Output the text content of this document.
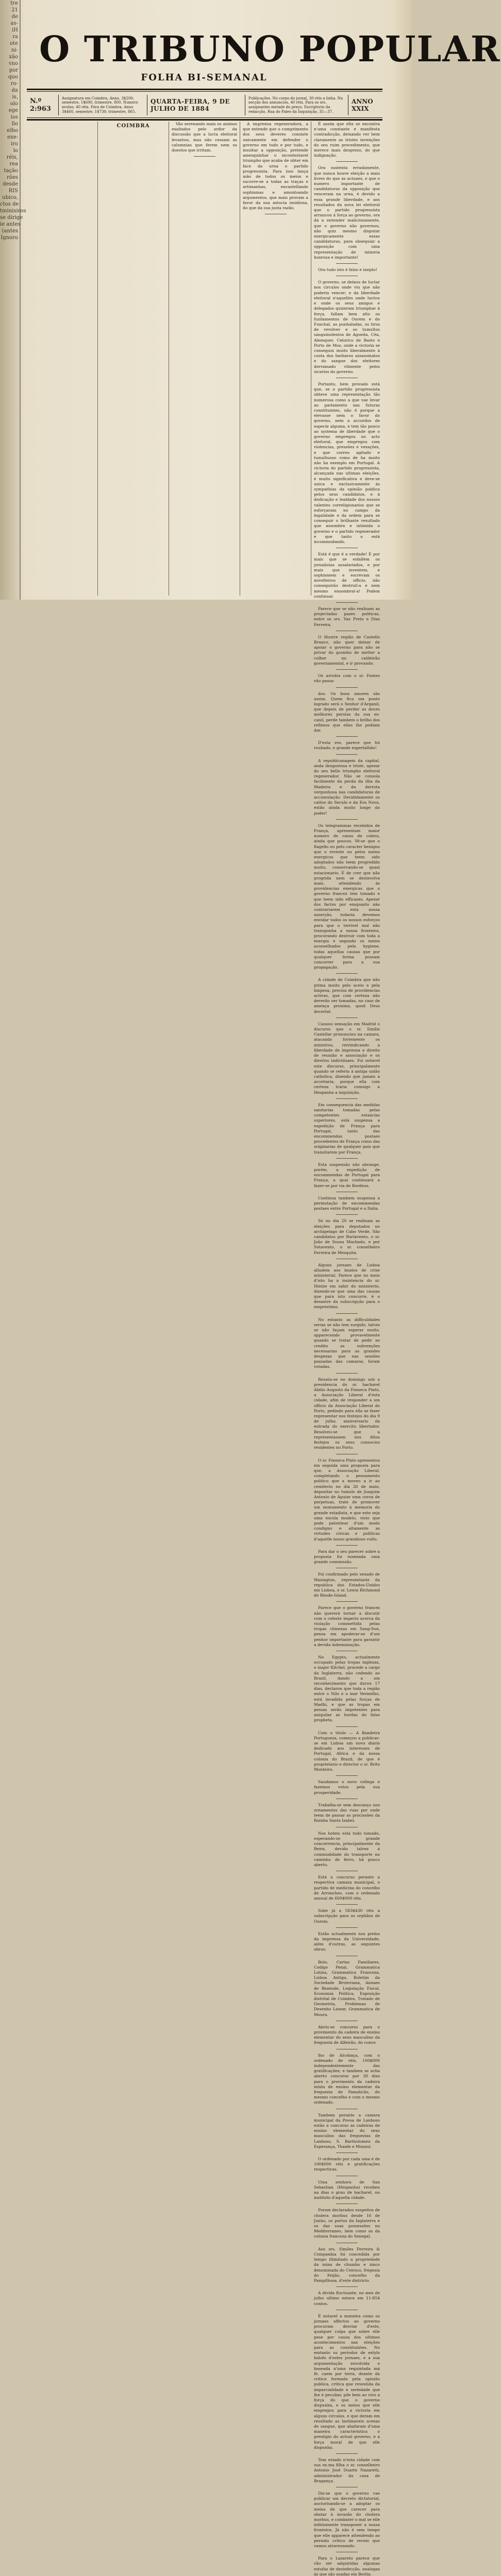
tre
21
de
as-
iH
ra
ote
ni-
xão
vno
por
quo
ro-
da
is,
olo
ege
ios
llo
elho
exe-
iro
lo
réis,
rea
tação
rões
desde
RIS
ubico,
ctos de
tminisiros
se dirige
ie antes
(antes
Ignoro
O TRIBUNO POPULAR
FOLHA BI-SEMANAL
N.º 2:963
Assignatura em Coimbra, Anno, 3$200; semestre, 1$600, trimestre, 800. Numero avulso, 40 réis. Fóra de Coimbra, Anno 3$460, semestre, 1$730; trimestre, 865.
QUARTA-FEIRA, 9 DE JULHO DE 1884
Publicações. No corpo do jornal, 30 réis a linha. Na secção dos annuncios, 40 réis. Para os srs. assignantes metade do preço. Escriptorio da redacção, Rua do Paleo da Inquisição, 35—37.
ANNO XXIX
COIMBRA	Vão serenando mais os animos exaltados pelo ardor da discussão que a lucta eleitoral levantou, mas não cessam as calumnias que ferem nem os doestos que irritam.

A imprensa regeneradora, a que entende que o cumprimento dos seus deveres consiste unicamente em defender o governo em tudo e por tudo, e insultar a opposição, pretende amesquinhar o incontestavel triumpho que acaba de obter em face da urna o partido progressista. Para isso lança mão de todos os meios e sucorre-se a todas as traças e artimanhas, encastellando sophismas e amontoando argumentos, que mais provam a favor da sua astucia insidiosa, do que da sua justa razão.

É assim que ella se encontra n'uma constante e manifesta contradicção, deixando ver bem claramente as tristes invenções do seu ruim procedimento, que merece mais desprezo, do que indignação.

Ora sustenta erradamente, que nunca houve eleição a mais livres do que as actuaes, e que o numero importante de candidaturas da opposição que venceram na urna, é devido a essa grande liberdade, e aos resultados da nova lei eleitoral que o partido progressista arrancou á força ao governo, ora dá a entender maliciosamente, que o governo não governou, não quiz mesmo disputar energicamente essas candidaturas, para obsequiar a opposição com uma representação de minoria honrosa e importante!

Ora tudo isto é falso e inepto!

O governo, se deixou de luctar nos circulos onde viu que não poderia vencer; e da liberdade eleitoral n'aquelles onde luctou e onde os seus amigos e delegados quizeram triumphar á força, fallam bem alto os fuzilamentos de Ourem e do Funchal, as punhaladas, os tiros de revolver e os tumultos sanguinolentos de Agueda, Céa, Alemquer, Celorico de Basto e Porto de Moz, onde a victoria se conseguiu muito liberalmente á custa dos barbaros assassinatos e do sangue dos eleitores derramado vilmente pelos sicarios do governo.

Portanto, bem provado está que, se o partido progressista obteve uma representação tão numerosa como a que vae levar ao parlamento nas futuras constituintes, não é porque a elevasse nem o favor do governo, nem a accordos de especie alguma, e tem tão pouco ao systema de liberdade que o governo empregou no acto eleitoral, que empregou com violencias, pressões e vexações, e que correu agitado e tumultuoso como de ha muito não ha exemplo em Portugal. A victoria do partido progressista, alcançada nas ultimas eleições, é muito significativa e deve-se unica e exclusivamente ás sympathias da opinião publica pelos seus candidatos, e á dedicação e lealdade dos nossos valentes correligionarios que se esforçaram no campo da legalidade e da ordem para se conseguir o brilhante resultado que assombra e intimida o governo e o partido regenerador e que tanto o está incommodando.

Está é que é a verdade! E por mais que se esfalfem os jornalistas assalariados, e por mais que inventem, e sophismem e escrevam os novelleiros de officio, não conseguirão destruil-a e nem mesmo ensombral-a! Podem continuar.

Parece que se não realisam as projectadas pazes politicas, entre os srs. Vaz Preto e Dias Ferreira.

O illustre região de Castello Branco, não quer deixar de apoiar o governo para não se privar do gosinho de metter a colher no caldeirão governamental, e ir provando.

Os arrufos com o sr. Fontes vão passa-

dos. Os bons amores são assim. Quem fica um ponto logrado será o Senhor d'Arganil, que depois de perder as doces melhores perolas da sua ex-canil, perde tambem o brilho dos reflexos que ellas lhe podiam dar.

D'esta vez, parece que foi roubado, e grande espertalhão!

A republicanagem da capital, anda desgostosa e triste, apezar do seu bello triumpho eleitoral regenerador. Não se consola facilmente da perda da ilha da Madeira e da derrota vergonhosa nas candidaturas de accumulação. Decididamente os cattos do Seculo e da Era Nova, estão ainda muito longe do poder!

Os telegrammas recebidos de França, apresentam maior numero de casos de colera, ainda que poucos. Vê-se que o flagello ou pelo caracter benigno que o reveste ou pelos meios energicos que teem sido adoptados não teem progredido muito, conservando-se quasi estacionario. É de crer que não progrida nem se desinvolva mais, attendendo ás providencias energicas que o governo francez tem tomado e que teem sido efficazes. Apezar dos factos por emquanto não contrariarem esta nossa asserção, todavia devemos envidar todos os nossos esforços para que o terrivel mal não transponha a nossa fronteira, procurando destruir com toda a energia e segundo os meios aconselhados pela hygiene, todas aquellas causas que por qualquer forma possam concorrer para a sua propagação.

A cidade de Coimbra que não prima muito pelo aceio e pela limpeza, precisa de providencias activas, que com certeza não deverão ser tomadas, no caso de ameaça proxima, quod Deus decertat.

Causou sensação em Madrid o discurso que o sr. Emilio Castellar pronunciou na camara, atacando fortemente os ministros, reivindicando a liberdade de imprensa e direito de reunião e associação e os direitos individuaes. Foi notavel este discurso, principalmente quando se referiu á antiga união catholica, dizendo que jamais a acceitaria, porque ella com certeza traria comsigo a Hespanha a inquisição.

Em consequencia das medidas sanitarias tomadas pelas competentes estancias superiores, está suspensa a expedição de França para Portugal, tanto das encommendas postaes procedentes de França como das originarias de qualquer paiz que transitarem por França.

Esta suspensão não abrange, porém, a expedição de encommendas de Portugal para França, a qual continuará a fazer-se por via de Bordeus.

Continua tambem suspensa a permutação de encommendas postaes entre Portugal e a Italia.

Só no dia 20 se realisam as eleições para deputados no archipelago de Cabo Verde. São candidatos por Barlavento, o sr. João de Sousa Machado, e por Sotavento, o sr. conselheiro Ferreira de Mesquita.

Alguns jornaes de Lisboa alludem aos boatos de crise ministerial. Parece que no meio d'isto ha a insistencia do sr. Hintze em sahir do ministerio, dizendo-se que uma das causas que para isto concorre, é o desastre da subscripção para o emprestimo.

No entanto as difficuldades serias se não tem surgido, talvez se não façam esperar muito, apparecendo provavelmente quando se tratar de pedir ao credito as subvenções necessarias para as grandes despezas que nas sessões passadas das camaras, foram votadas.

Reuniu-se no domingo sob a presidencia do sr. bacharel Abilio Augusto da Fonseca Pinto, a Associação Liberal d'esta cidade, afim de responder a um officio da Associação Liberal do Porto, pedindo para ella se fazer representar nos festejos do dia 9 de julho, anniversario da entrada do exercito libertador. Resolveu-se que a representassem nos ditos festejos os seus consocios residentes no Porto.

O sr. Fonseca Pinto apresentou em seguida uma proposta para que, a Associação Liberal, completando o pensamento politico que a moveu a ir ao cemiterio no dia 26 de maio, depositar no tumulo de Joaquim Antonio de Aguiar uma coroa de perpetuas, trate de promover um monumento á memoria do grande estadista, e que este seja uma escola modelo, visto que pode patentear d'um modo condigno e altamente as virtudes civicas e politicas d'aquelle nosso grandioso vulto.

Para dar o seu parecer sobre a proposta foi nomeada uma grande commissão.

Foi confirmado pelo senado de Wasington, representante da republica dos Estados-Unidos em Lisboa, o sr. Lewis Richmond de Rhode-Island.

Parece que o governo francez não quererá tornar a discutir com o celeste imperio acerca da violação commettida pelas tropas chinezas em Sang-Son, pensa em apoderar-se d'um penhor importante para garantir a devida indemnisação.

No Egypto, actualmente occupado pelas tropas inglezas, o major Kitchel, procede a cargo da Inglaterra, não cedendo ao Brazil, dando a um reconhecimento que durou 17 dias, declarou que toda a região entre o Nilo e o mar Vermelho, está invadida pelas forças de Madhi, e que as tropas em pessas serão impotentes para aniquilar as hordas do falso propheta.

Com o titulo — A Bandeira Portugueza, começou a publicar-se em Lisboa um novo diario dedicado aos interesses de Portugal, Africa e da nossa colonia do Brazil, de que é proprietario e director o sr. Brito Monteiro.

Saudamos o novo collega e fazemos votos pela sua prosperidade.

Trabalha-se sem descanço nos ornamentos das ruas por onde teem de passar as procissões da Rainha Santa Izabel.

Nos hoteis está tudo tomado, esperando-se grande concorrencia, principalmente da Beira, devido talvez á commodidade do transporte no caminho de ferro, há pouco aberto.

Está a concurso perante a respectiva camara municipal, o partido de medicina do concelho de Arronches, com o ordenado annual de 600$000 réis.

Sobe já a 583$430 réis a subscripção para os orphãos de Ourem.

Estão actualmente nos prelos da imprensa da Universidade, além d'outras, as seguintes obras:

Bolo, Cartas Familiares, Codigo Penal, Grammatica Latina, Grammatica Franceza, Lisboa Antiga, Boletim da Sociedade Broteriana, Annaes de Bezende, Legislação Fiscal, Economia Politica, Exposição distrital de Coimbra, Tratado de Geometria, Problemas de Desenho Linear, Grammatica de Moura.

Abriu-se concurso para o provimento da cadeira de ensino elementar do sexo masculino da freguezia de Alfeirão, do conce

lho de Alcobaça, com o ordenado de réis, 100$000 independentemente das gratificações; e tambem se acha aberto concurso por 30 dias para o provimento da cadeira mixta de ensino elementar da freguezia de Famalicão, do mesmo concelho e com o mesmo ordenado.

Tambem perante a camara municipal da Povoa de Lanhoso estão a concurso as cadeiras de ensino elementar do sexo masculino das freguezias de Lanhoso, S. Bartholomeu da Esperança, Thaide e Monzul.

O ordenado por cada uma é de 100$000 réis e gratificações respectivas.

Uma senhora de San Sebastian (Hespanha) recebeu na dias o grau de bacharel, no instituto d'aquella cidade.

Foram declarados suspeitos de cholera morbus desde 16 de Junho, os portos da Inglaterra e os das suas possessões no Mediterraneo, bem como os da colonia franceza do Senegal.

Aos srs. Simões Ferreira & Companhia foi concedida por tempo illimitado a propriedade da mina de chumbo e zinco denominada do Ceiroco, fregezia do Feijão, concelho da Pampilhosa, d'este districto.

A divida fluctuante, no mez de julho ultimo estava em 11:854 contos.

É notavel a maneira como os jornaes affectos ao governo procuram desviar d'este, qualquer culpa que sobre elle pese por causa dos ultimos acontecimentos nas eleições para as constituintes. No emtanto os periodos de estylo balofo d'estes jornaes, e a sua argumentação envolvida e baseada n'uma requintada má fé, caem por terra, deante da critica formada pela opinião publica, critica que revestida da imparcialidade e seriedade que lhe é peculiar, põe bem ao vivo a força do que o governo dispunha, e os meios que elle empregou para a victoria em alguns circulos, e que deram em resultado as lastimaveis scenas de sangue, que abafaram d'uma maneira característica o prestigio do actual governo, e a força moral de que elle dispunha.

Tem estado n'esta cidade com sua ex.ma filha o sr. conselheiro Antonio José Duarte Nazareth, administrador da casa de Bragança.

Diz-se que o governo vae publicar um decreto dictatorial, auctorisando-se a adoptar os meios de que carecer para obstar á invasão do cholera morbus, e combater o mal se elle infelizmente transpozer a nossa fronteira. Já não é sem tempo que elle apparece attendendo ao periodo critico de receio que vamos atravessando.

Para o Lazareto parece que vão ser adquiridas algumas estufas de desinfecção, analogas ás que são usadas em Berlin.
